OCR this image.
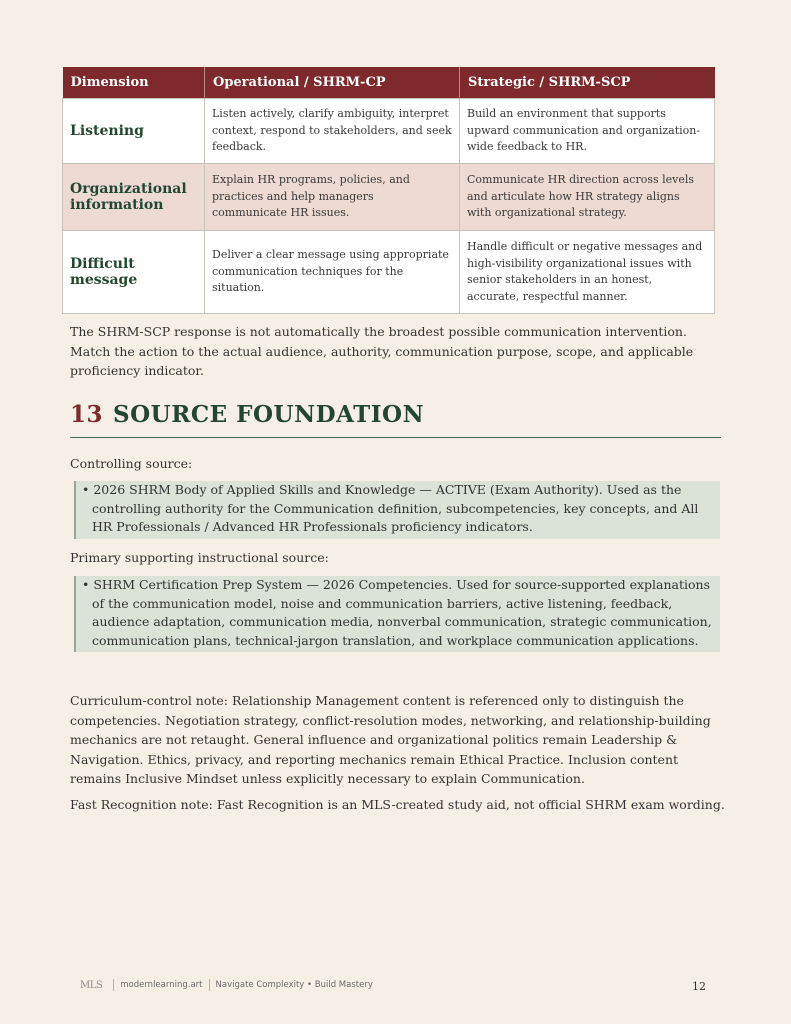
Dimension	Operational / SHRM-CP	Strategic / SHRM-SCP
Listening	Listen actively, clarify ambiguity, interpret context, respond to stakeholders, and seek feedback.	Build an environment that supports upward communication and organization-wide feedback to HR.
Organizational information	Explain HR programs, policies, and practices and help managers communicate HR issues.	Communicate HR direction across levels and articulate how HR strategy aligns with organizational strategy.
Difficult message	Deliver a clear message using appropriate communication techniques for the situation.	Handle difficult or negative messages and high-visibility organizational issues with senior stakeholders in an honest, accurate, respectful manner.
The SHRM-SCP response is not automatically the broadest possible communication intervention. Match the action to the actual audience, authority, communication purpose, scope, and applicable proficiency indicator.
13 SOURCE FOUNDATION
Controlling source:
• 2026 SHRM Body of Applied Skills and Knowledge — ACTIVE (Exam Authority). Used as the controlling authority for the Communication definition, subcompetencies, key concepts, and All HR Professionals / Advanced HR Professionals proficiency indicators.
Primary supporting instructional source:
• SHRM Certification Prep System — 2026 Competencies. Used for source-supported explanations of the communication model, noise and communication barriers, active listening, feedback, audience adaptation, communication media, nonverbal communication, strategic communication, communication plans, technical-jargon translation, and workplace communication applications.
Curriculum-control note: Relationship Management content is referenced only to distinguish the competencies. Negotiation strategy, conflict-resolution modes, networking, and relationship-building mechanics are not retaught. General influence and organizational politics remain Leadership & Navigation. Ethics, privacy, and reporting mechanics remain Ethical Practice. Inclusion content remains Inclusive Mindset unless explicitly necessary to explain Communication.
Fast Recognition note: Fast Recognition is an MLS-created study aid, not official SHRM exam wording.
MLS modernlearning.art Navigate Complexity • Build Mastery	12
